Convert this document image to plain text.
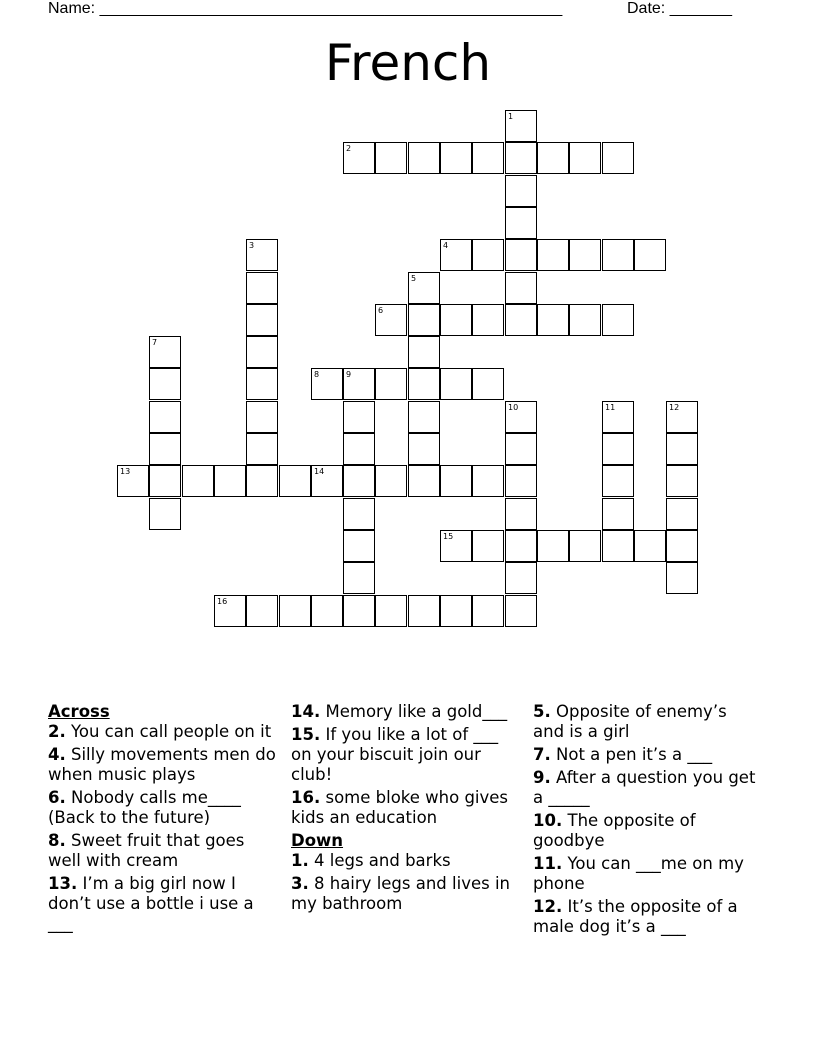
Name: ____________________________________________________	Date: _______
French
2
4
6
8	9
13	14
15
16
1
3
5
7
10	11	12
Across
2. You can call people on it
4. Silly movements men do when music plays
6. Nobody calls me____ (Back to the future)
8. Sweet fruit that goes well with cream
13. I’m a big girl now I don’t use a bottle i use a ___
14. Memory like a gold___
15. If you like a lot of ___ on your biscuit join our club!
16. some bloke who gives kids an education
Down
1. 4 legs and barks
3. 8 hairy legs and lives in my bathroom
5. Opposite of enemy’s and is a girl
7. Not a pen it’s a ___
9. After a question you get a _____
10. The opposite of goodbye
11. You can ___me on my phone
12. It’s the opposite of a male dog it’s a ___
